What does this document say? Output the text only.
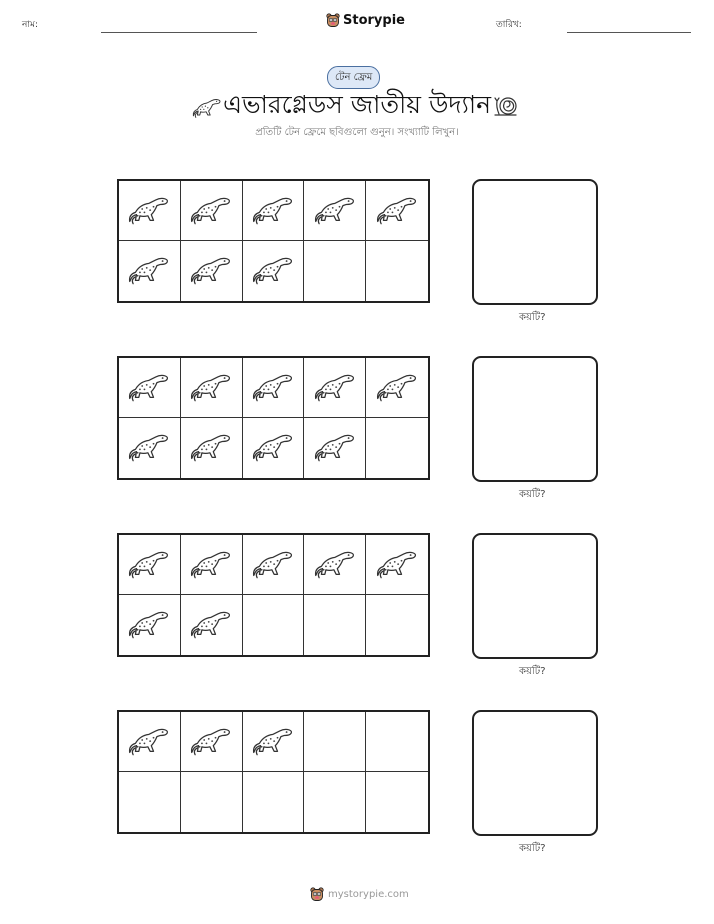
নাম:	Storypie	তারিখ:
টেন ফ্রেম
এভারগ্লেডস জাতীয় উদ্যান
প্রতিটি টেন ফ্রেমে ছবিগুলো গুনুন। সংখ্যাটি লিখুন।
কয়টি?
কয়টি?
কয়টি?
কয়টি?
mystorypie.com
